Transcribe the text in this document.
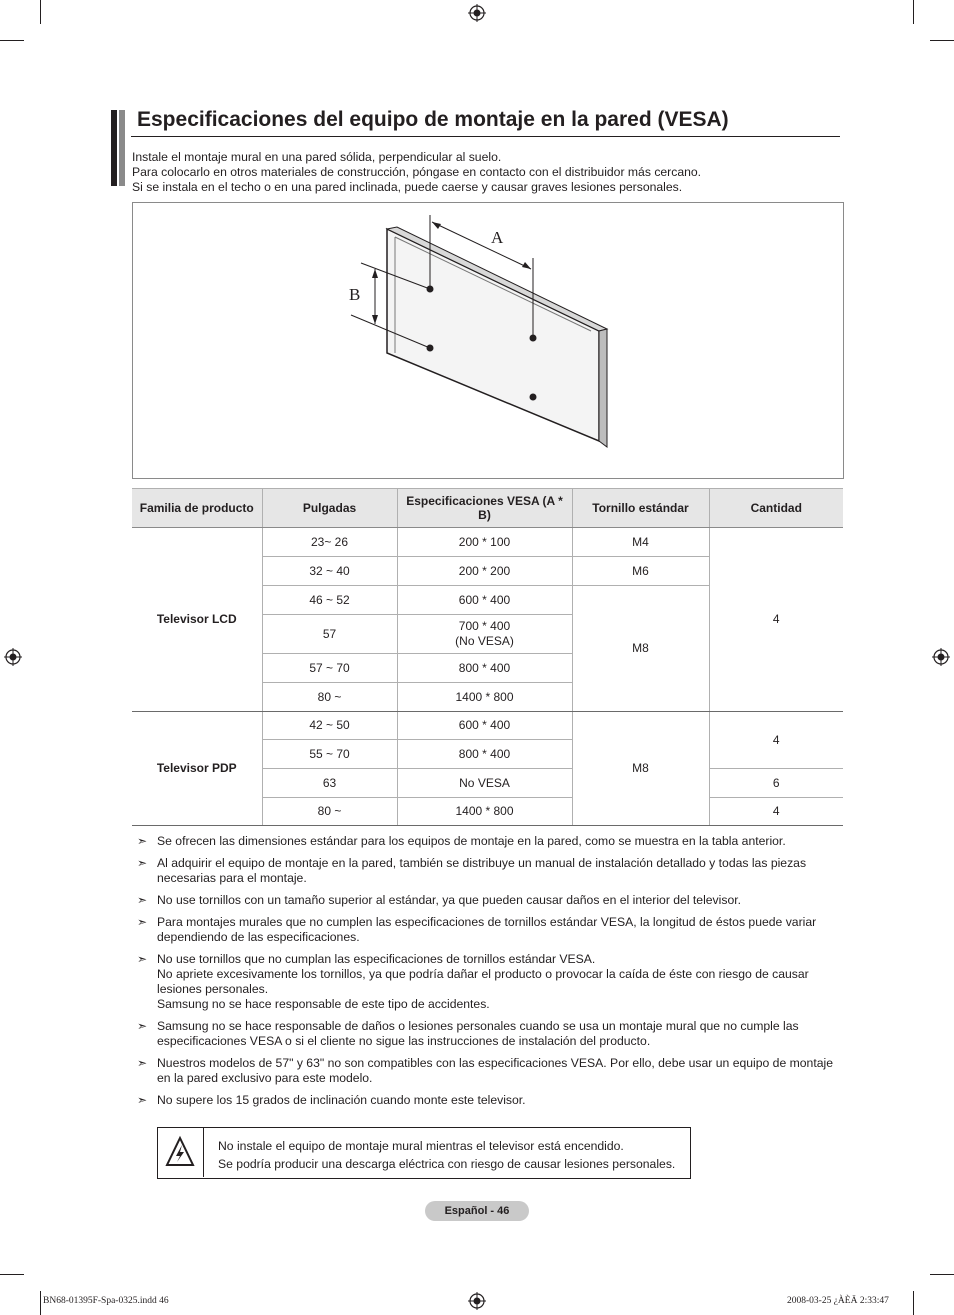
Especificaciones del equipo de montaje en la pared (VESA)
Instale el montaje mural en una pared sólida, perpendicular al suelo.
Para colocarlo en otros materiales de construcción, póngase en contacto con el distribuidor más cercano.
Si se instala en el techo o en una pared inclinada, puede caerse y causar graves lesiones personales.
A
B
Familia de producto	Pulgadas	Especificaciones VESA (A * B)	Tornillo estándar	Cantidad
Televisor LCD	23~ 26	200 * 100	M4	4
	32 ~ 40	200 * 200	M6	
	46 ~ 52	600 * 400	M8	
	57	700 * 400
(No VESA)		

	57 ~ 70	800 * 400		
	80 ~	1400 * 800		
Televisor PDP	42 ~ 50	600 * 400	M8	4
	55 ~ 70	800 * 400		
	63	No VESA		6
	80 ~	1400 * 800		4
➣ Se ofrecen las dimensiones estándar para los equipos de montaje en la pared, como se muestra en la tabla anterior.
➣ Al adquirir el equipo de montaje en la pared, también se distribuye un manual de instalación detallado y todas las piezas
necesarias para el montaje.
➣ No use tornillos con un tamaño superior al estándar, ya que pueden causar daños en el interior del televisor.
➣ Para montajes murales que no cumplen las especificaciones de tornillos estándar VESA, la longitud de éstos puede variar
dependiendo de las especificaciones.
➣ No use tornillos que no cumplan las especificaciones de tornillos estándar VESA.
No apriete excesivamente los tornillos, ya que podría dañar el producto o provocar la caída de éste con riesgo de causar
lesiones personales.
Samsung no se hace responsable de este tipo de accidentes.
➣ Samsung no se hace responsable de daños o lesiones personales cuando se usa un montaje mural que no cumple las
especificaciones VESA o si el cliente no sigue las instrucciones de instalación del producto.
➣ Nuestros modelos de 57" y 63" no son compatibles con las especificaciones VESA. Por ello, debe usar un equipo de montaje
en la pared exclusivo para este modelo.
➣ No supere los 15 grados de inclinación cuando monte este televisor.
No instale el equipo de montaje mural mientras el televisor está encendido.
Se podría producir una descarga eléctrica con riesgo de causar lesiones personales.
Español - 46
BN68-01395F-Spa-0325.indd 46	2008-03-25 ¿ÀÈÄ 2:33:47
